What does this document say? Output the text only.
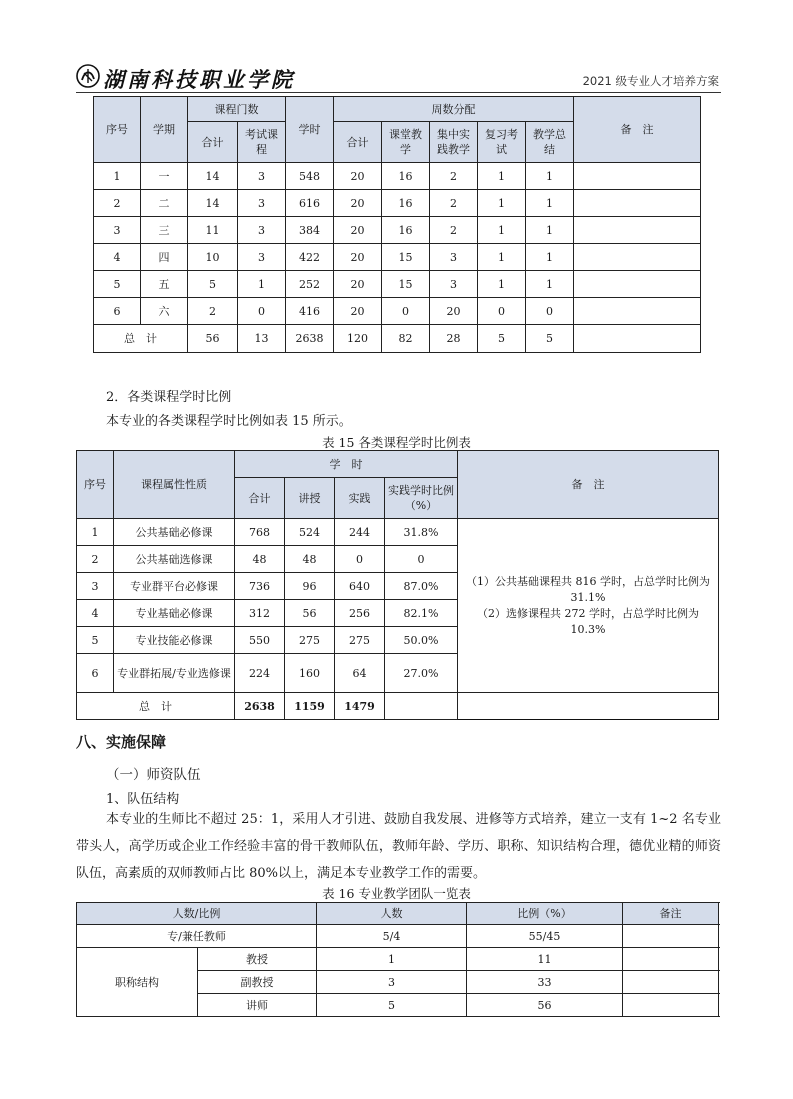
湖南科技职业学院	2021 级专业人才培养方案
序号	学期	课程门数		学时	周数分配					备　注
		合计	考试课程		合计	课堂教学	集中实践教学	复习考试	教学总结	
1	一	14	3	548	20	16	2	1	1	
2	二	14	3	616	20	16	2	1	1	
3	三	11	3	384	20	16	2	1	1	
4	四	10	3	422	20	15	3	1	1	
5	五	5	1	252	20	15	3	1	1	
6	六	2	0	416	20	0	20	0	0	
总　计		56	13	2638	120	82	28	5	5	
2．各类课程学时比例
本专业的各类课程学时比例如表 15 所示。
表 15 各类课程学时比例表
序号	课程属性性质	学　时				备　注
		合计	讲授	实践	实践学时比例（%）	
1	公共基础必修课	768	524	244	31.8%	（1）公共基础课程共 816 学时，占总学时比例为 31.1%
（2）选修课程共 272 学时，占总学时比例为 10.3%

2	公共基础选修课	48	48	0	0	
3	专业群平台必修课	736	96	640	87.0%	
4	专业基础必修课	312	56	256	82.1%	
5	专业技能必修课	550	275	275	50.0%	
6	专业群拓展/专业选修课	224	160	64	27.0%	
总　计		2638	1159	1479		
八、实施保障
（一）师资队伍
1、队伍结构
本专业的生师比不超过 25：1，采用人才引进、鼓励自我发展、进修等方式培养，建立一支有 1~2 名专业带头人，高学历或企业工作经验丰富的骨干教师队伍，教师年龄、学历、职称、知识结构合理，德优业精的师资队伍，高素质的双师教师占比 80%以上，满足本专业教学工作的需要。
表 16 专业教学团队一览表
人数/比例		人数	比例（%）	备注
专/兼任教师		5/4	55/45	
职称结构	教授	1	11	
	副教授	3	33	
	讲师	5	56	
